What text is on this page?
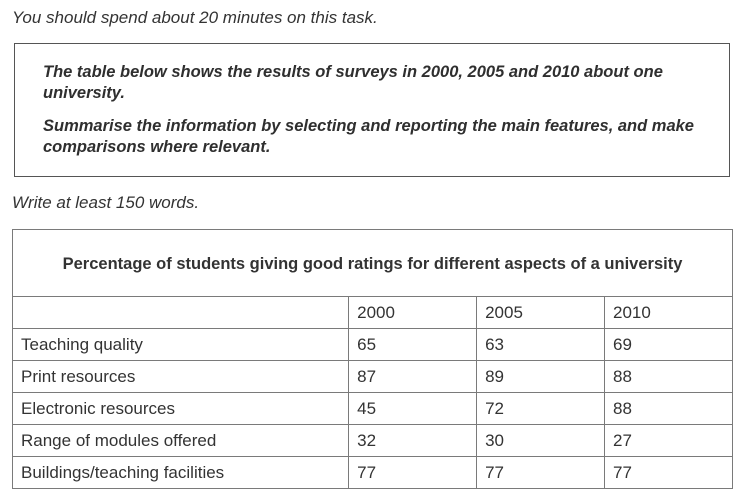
You should spend about 20 minutes on this task.

The table below shows the results of surveys in 2000, 2005 and 2010 about one university.

Summarise the information by selecting and reporting the main features, and make comparisons where relevant.

Write at least 150 words.
Percentage of students giving good ratings for different aspects of a university			
	2000	2005	2010
Teaching quality	65	63	69
Print resources	87	89	88
Electronic resources	45	72	88
Range of modules offered	32	30	27
Buildings/teaching facilities	77	77	77
